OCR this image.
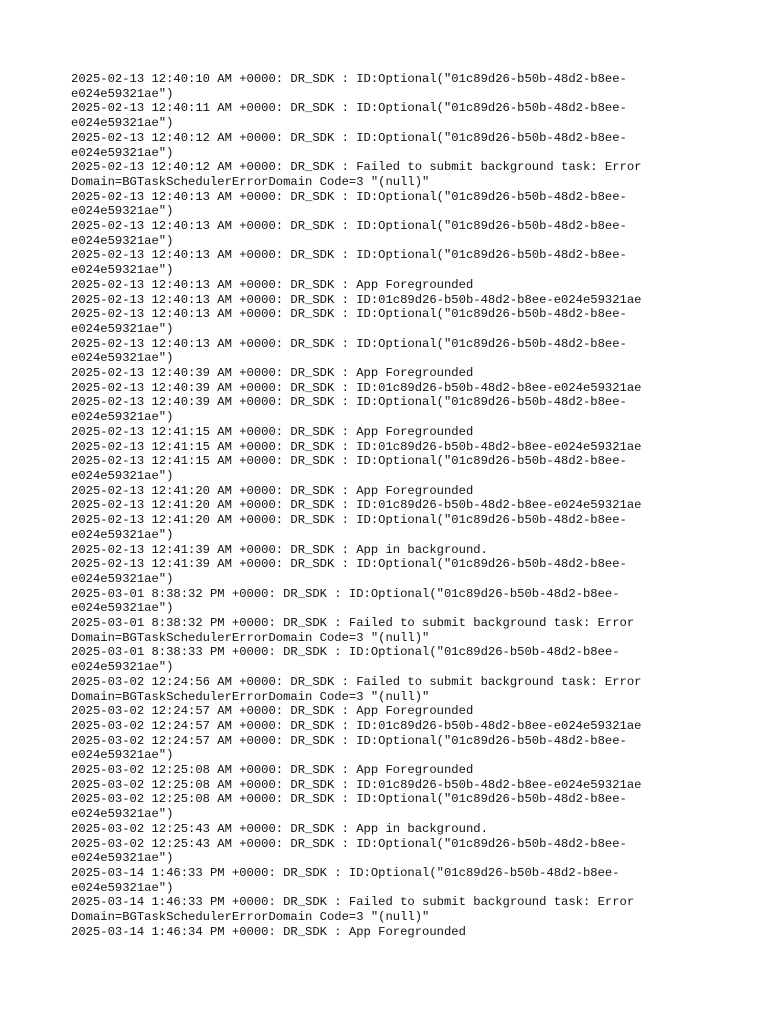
2025-02-13 12:40:10 AM +0000: DR_SDK : ID:Optional("01c89d26-b50b-48d2-b8ee-
e024e59321ae")
2025-02-13 12:40:11 AM +0000: DR_SDK : ID:Optional("01c89d26-b50b-48d2-b8ee-
e024e59321ae")
2025-02-13 12:40:12 AM +0000: DR_SDK : ID:Optional("01c89d26-b50b-48d2-b8ee-
e024e59321ae")
2025-02-13 12:40:12 AM +0000: DR_SDK : Failed to submit background task: Error
Domain=BGTaskSchedulerErrorDomain Code=3 "(null)"
2025-02-13 12:40:13 AM +0000: DR_SDK : ID:Optional("01c89d26-b50b-48d2-b8ee-
e024e59321ae")
2025-02-13 12:40:13 AM +0000: DR_SDK : ID:Optional("01c89d26-b50b-48d2-b8ee-
e024e59321ae")
2025-02-13 12:40:13 AM +0000: DR_SDK : ID:Optional("01c89d26-b50b-48d2-b8ee-
e024e59321ae")
2025-02-13 12:40:13 AM +0000: DR_SDK : App Foregrounded
2025-02-13 12:40:13 AM +0000: DR_SDK : ID:01c89d26-b50b-48d2-b8ee-e024e59321ae
2025-02-13 12:40:13 AM +0000: DR_SDK : ID:Optional("01c89d26-b50b-48d2-b8ee-
e024e59321ae")
2025-02-13 12:40:13 AM +0000: DR_SDK : ID:Optional("01c89d26-b50b-48d2-b8ee-
e024e59321ae")
2025-02-13 12:40:39 AM +0000: DR_SDK : App Foregrounded
2025-02-13 12:40:39 AM +0000: DR_SDK : ID:01c89d26-b50b-48d2-b8ee-e024e59321ae
2025-02-13 12:40:39 AM +0000: DR_SDK : ID:Optional("01c89d26-b50b-48d2-b8ee-
e024e59321ae")
2025-02-13 12:41:15 AM +0000: DR_SDK : App Foregrounded
2025-02-13 12:41:15 AM +0000: DR_SDK : ID:01c89d26-b50b-48d2-b8ee-e024e59321ae
2025-02-13 12:41:15 AM +0000: DR_SDK : ID:Optional("01c89d26-b50b-48d2-b8ee-
e024e59321ae")
2025-02-13 12:41:20 AM +0000: DR_SDK : App Foregrounded
2025-02-13 12:41:20 AM +0000: DR_SDK : ID:01c89d26-b50b-48d2-b8ee-e024e59321ae
2025-02-13 12:41:20 AM +0000: DR_SDK : ID:Optional("01c89d26-b50b-48d2-b8ee-
e024e59321ae")
2025-02-13 12:41:39 AM +0000: DR_SDK : App in background.
2025-02-13 12:41:39 AM +0000: DR_SDK : ID:Optional("01c89d26-b50b-48d2-b8ee-
e024e59321ae")
2025-03-01 8:38:32 PM +0000: DR_SDK : ID:Optional("01c89d26-b50b-48d2-b8ee-
e024e59321ae")
2025-03-01 8:38:32 PM +0000: DR_SDK : Failed to submit background task: Error
Domain=BGTaskSchedulerErrorDomain Code=3 "(null)"
2025-03-01 8:38:33 PM +0000: DR_SDK : ID:Optional("01c89d26-b50b-48d2-b8ee-
e024e59321ae")
2025-03-02 12:24:56 AM +0000: DR_SDK : Failed to submit background task: Error
Domain=BGTaskSchedulerErrorDomain Code=3 "(null)"
2025-03-02 12:24:57 AM +0000: DR_SDK : App Foregrounded
2025-03-02 12:24:57 AM +0000: DR_SDK : ID:01c89d26-b50b-48d2-b8ee-e024e59321ae
2025-03-02 12:24:57 AM +0000: DR_SDK : ID:Optional("01c89d26-b50b-48d2-b8ee-
e024e59321ae")
2025-03-02 12:25:08 AM +0000: DR_SDK : App Foregrounded
2025-03-02 12:25:08 AM +0000: DR_SDK : ID:01c89d26-b50b-48d2-b8ee-e024e59321ae
2025-03-02 12:25:08 AM +0000: DR_SDK : ID:Optional("01c89d26-b50b-48d2-b8ee-
e024e59321ae")
2025-03-02 12:25:43 AM +0000: DR_SDK : App in background.
2025-03-02 12:25:43 AM +0000: DR_SDK : ID:Optional("01c89d26-b50b-48d2-b8ee-
e024e59321ae")
2025-03-14 1:46:33 PM +0000: DR_SDK : ID:Optional("01c89d26-b50b-48d2-b8ee-
e024e59321ae")
2025-03-14 1:46:33 PM +0000: DR_SDK : Failed to submit background task: Error
Domain=BGTaskSchedulerErrorDomain Code=3 "(null)"
2025-03-14 1:46:34 PM +0000: DR_SDK : App Foregrounded
